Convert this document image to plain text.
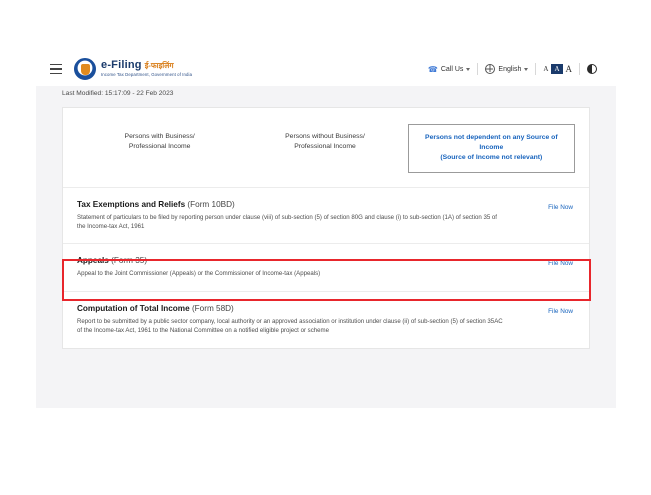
e-Filing ई-फाइलिंग
Income Tax Department, Government of India
☎ Call Us	English	A A A
Last Modified: 15:17:09 - 22 Feb 2023
Persons with Business/
Professional Income
Persons without Business/
Professional Income
Persons not dependent on any Source of Income
(Source of Income not relevant)
Tax Exemptions and Reliefs (Form 10BD)
Statement of particulars to be filed by reporting person under clause (viii) of sub-section (5) of section 80G and clause (i) to sub-section (1A) of section 35 of the Income-tax Act, 1961
File Now
Appeals (Form 35)
Appeal to the Joint Commissioner (Appeals) or the Commissioner of Income-tax (Appeals)
File Now
Computation of Total Income (Form 58D)
Report to be submitted by a public sector company, local authority or an approved association or institution under clause (ii) of sub-section (5) of section 35AC of the Income-tax Act, 1961 to the National Committee on a notified eligible project or scheme
File Now
